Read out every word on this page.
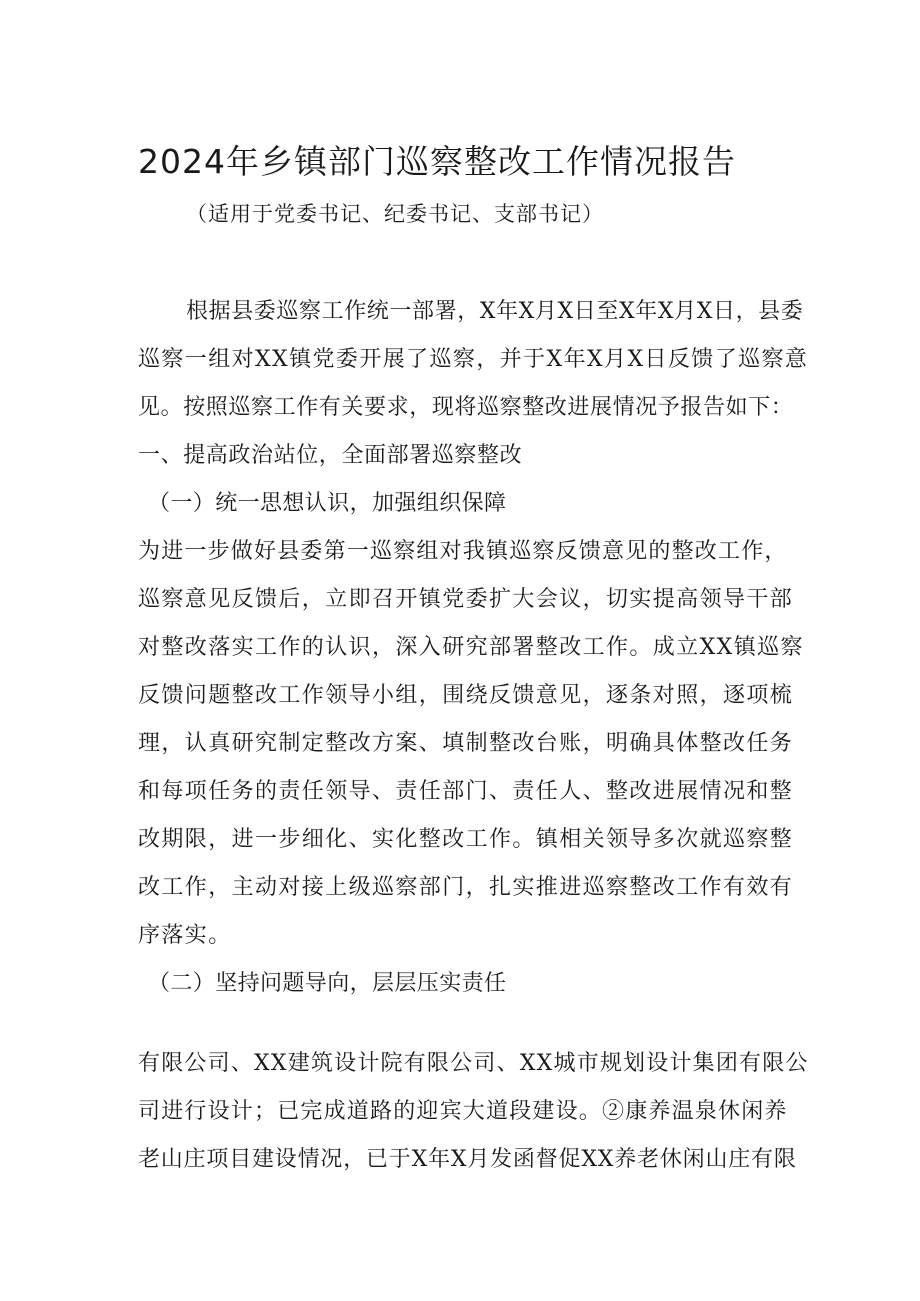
2024年乡镇部门巡察整改工作情况报告

（适用于党委书记、纪委书记、支部书记）

根据县委巡察工作统一部署，X年X月X日至X年X月X日，县委

巡察一组对XX镇党委开展了巡察，并于X年X月X日反馈了巡察意

见。按照巡察工作有关要求，现将巡察整改进展情况予报告如下：

一、提高政治站位，全面部署巡察整改

（一）统一思想认识，加强组织保障

为进一步做好县委第一巡察组对我镇巡察反馈意见的整改工作，

巡察意见反馈后，立即召开镇党委扩大会议，切实提高领导干部

对整改落实工作的认识，深入研究部署整改工作。成立XX镇巡察

反馈问题整改工作领导小组，围绕反馈意见，逐条对照，逐项梳

理，认真研究制定整改方案、填制整改台账，明确具体整改任务

和每项任务的责任领导、责任部门、责任人、整改进展情况和整

改期限，进一步细化、实化整改工作。镇相关领导多次就巡察整

改工作，主动对接上级巡察部门，扎实推进巡察整改工作有效有

序落实。

（二）坚持问题导向，层层压实责任

有限公司、XX建筑设计院有限公司、XX城市规划设计集团有限公

司进行设计；已完成道路的迎宾大道段建设。②康养温泉休闲养

老山庄项目建设情况，已于X年X月发函督促XX养老休闲山庄有限
